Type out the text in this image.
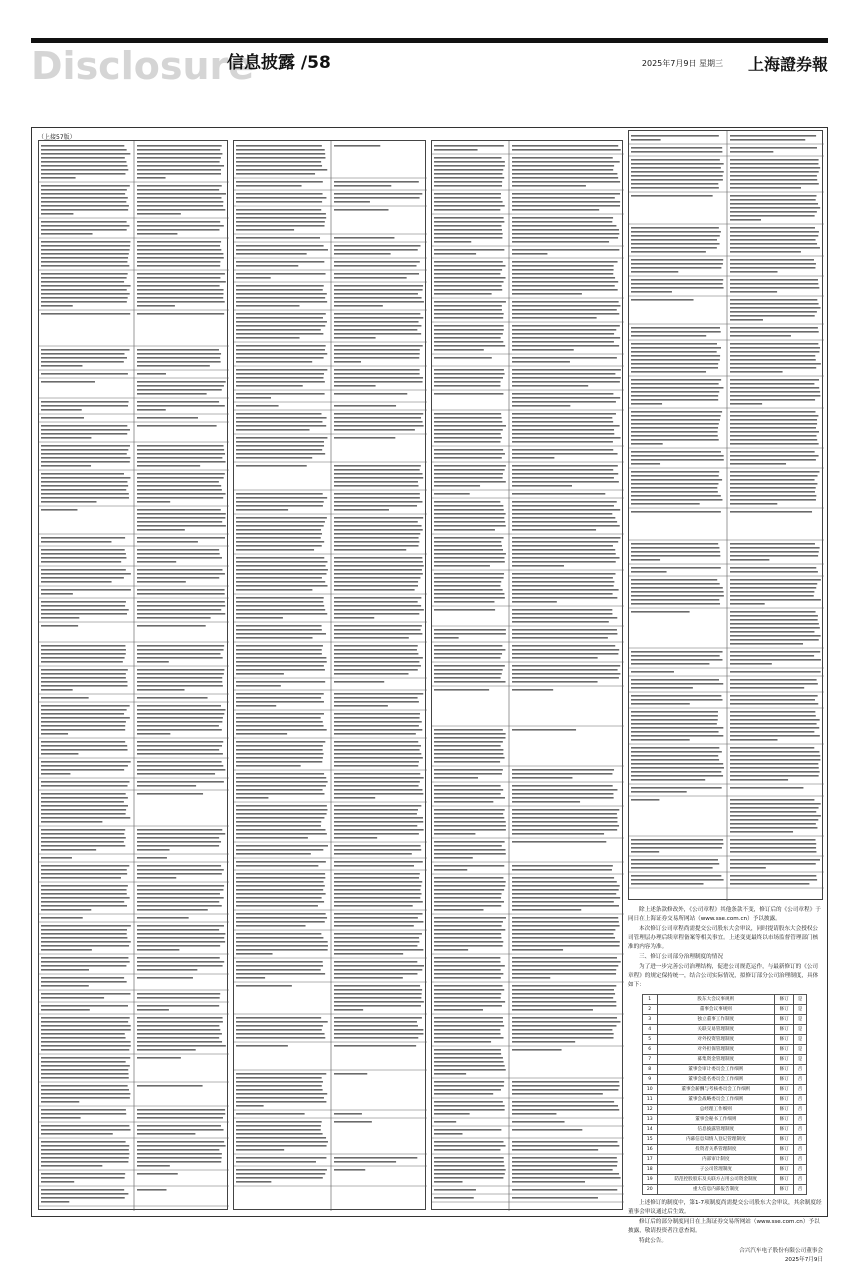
Disclosure
信息披露 /58	2025年7月9日 星期三 上海證券報
（上接57版）

除上述条款修改外，《公司章程》其他条款不变，修订后的《公司章程》于同日在上海证券交易所网站（www.sse.com.cn）予以披露。

本次修订公司章程尚需提交公司股东大会审议，同时提请股东大会授权公司管理层办理后续章程备案等相关事宜。上述变更最终以市场监督管理部门核准的内容为准。

三、修订公司部分治理制度的情况

为了进一步完善公司治理结构，促进公司规范运作，与最新修订的《公司章程》的规定保持统一，结合公司实际情况，拟修订部分公司治理制度，具体如下：

1	股东大会议事规则	修订	是
2	董事会议事规则	修订	是
3	独立董事工作制度	修订	是
4	关联交易管理制度	修订	是
5	对外投资管理制度	修订	是
6	对外担保管理制度	修订	是
7	募集资金管理制度	修订	是
8	董事会审计委员会工作细则	修订	否
9	董事会提名委员会工作细则	修订	否
10	董事会薪酬与考核委员会工作细则	修订	否
11	董事会战略委员会工作细则	修订	否
12	总经理工作细则	修订	否
13	董事会秘书工作细则	修订	否
14	信息披露管理制度	修订	否
15	内幕信息知情人登记管理制度	修订	否
16	投资者关系管理制度	修订	否
17	内部审计制度	修订	否
18	子公司管理制度	修订	否
19	防范控股股东及关联方占用公司资金制度	修订	否
20	重大信息内部报告制度	修订	否

上述修订的制度中，第1-7项制度尚需提交公司股东大会审议，其余制度经董事会审议通过后生效。

修订后的部分制度同日在上海证券交易所网站（www.sse.com.cn）予以披露，敬请投资者注意查阅。

特此公告。

合兴汽车电子股份有限公司董事会
2025年7月9日
